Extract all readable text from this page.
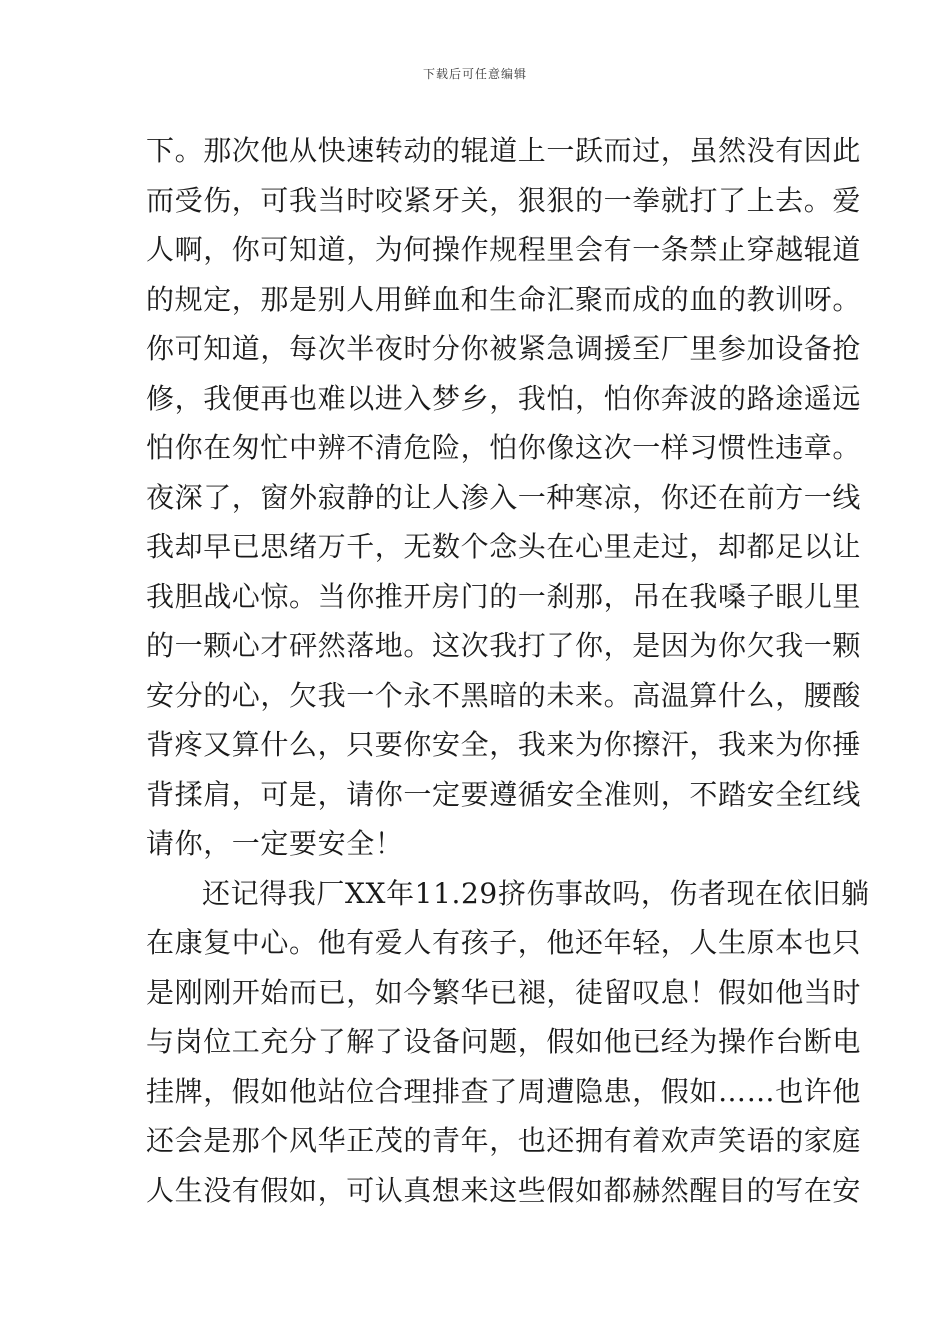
下载后可任意编辑
下。那次他从快速转动的辊道上一跃而过，虽然没有因此
而受伤，可我当时咬紧牙关，狠狠的一拳就打了上去。爱
人啊，你可知道，为何操作规程里会有一条禁止穿越辊道
的规定，那是别人用鲜血和生命汇聚而成的血的教训呀。
你可知道，每次半夜时分你被紧急调援至厂里参加设备抢
修，我便再也难以进入梦乡，我怕，怕你奔波的路途遥远
怕你在匆忙中辨不清危险，怕你像这次一样习惯性违章。
夜深了，窗外寂静的让人渗入一种寒凉，你还在前方一线
我却早已思绪万千，无数个念头在心里走过，却都足以让
我胆战心惊。当你推开房门的一刹那，吊在我嗓子眼儿里
的一颗心才砰然落地。这次我打了你，是因为你欠我一颗
安分的心，欠我一个永不黑暗的未来。高温算什么，腰酸
背疼又算什么，只要你安全，我来为你擦汗，我来为你捶
背揉肩，可是，请你一定要遵循安全准则，不踏安全红线
请你，一定要安全！
还记得我厂XX年11.29挤伤事故吗，伤者现在依旧躺
在康复中心。他有爱人有孩子，他还年轻，人生原本也只
是刚刚开始而已，如今繁华已褪，徒留叹息！假如他当时
与岗位工充分了解了设备问题，假如他已经为操作台断电
挂牌，假如他站位合理排查了周遭隐患，假如……也许他
还会是那个风华正茂的青年，也还拥有着欢声笑语的家庭
人生没有假如，可认真想来这些假如都赫然醒目的写在安
